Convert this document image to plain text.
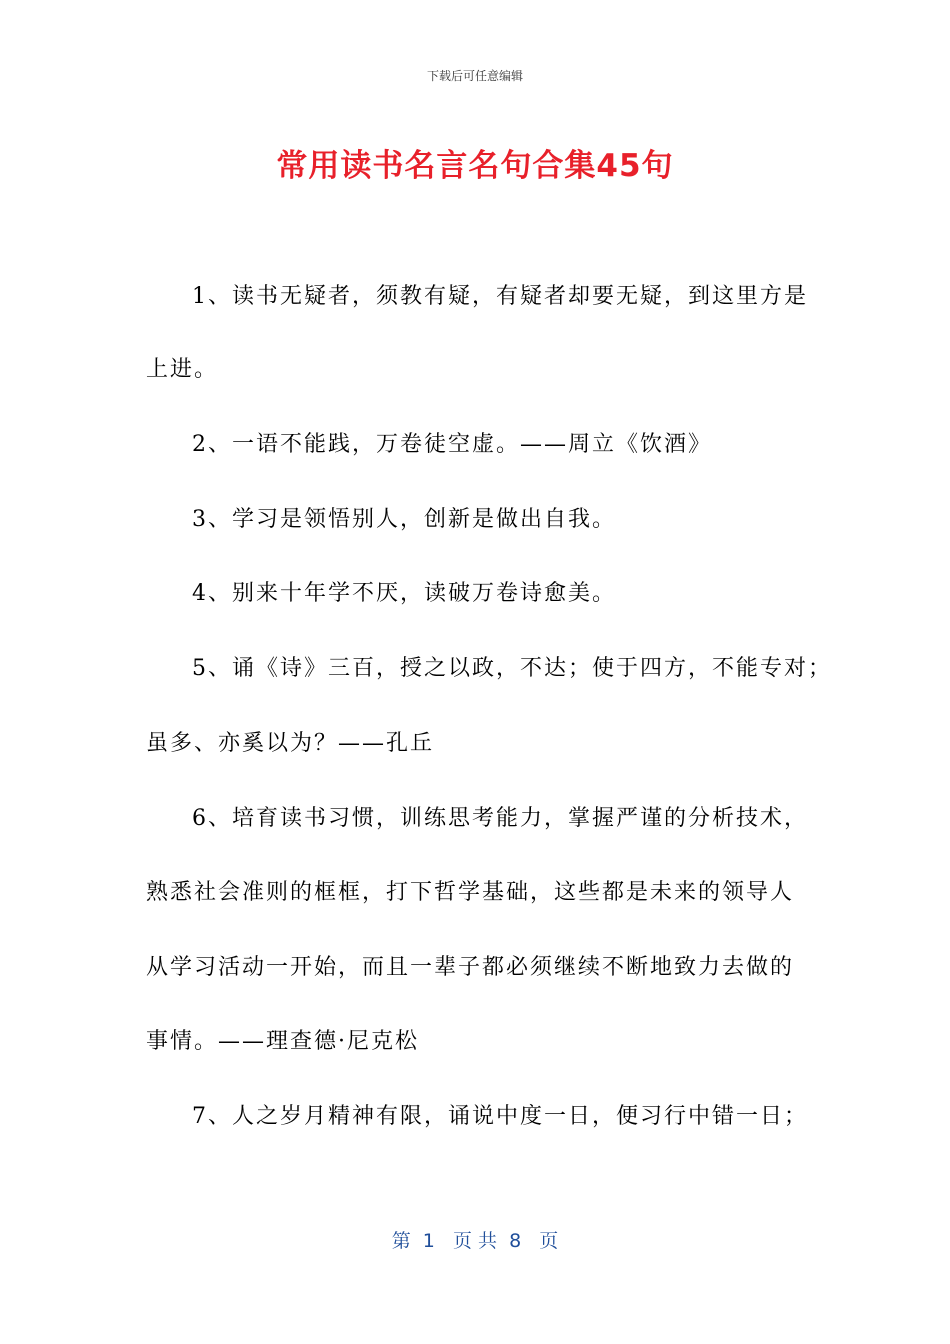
下载后可任意编辑
常用读书名言名句合集45句
1、读书无疑者，须教有疑，有疑者却要无疑，到这里方是
上进。
2、一语不能践，万卷徒空虚。——周立《饮酒》
3、学习是领悟别人，创新是做出自我。
4、别来十年学不厌，读破万卷诗愈美。
5、诵《诗》三百，授之以政，不达；使于四方，不能专对；
虽多、亦奚以为？——孔丘
6、培育读书习惯，训练思考能力，掌握严谨的分析技术，
熟悉社会准则的框框，打下哲学基础，这些都是未来的领导人
从学习活动一开始，而且一辈子都必须继续不断地致力去做的
事情。——理查德·尼克松
7、人之岁月精神有限，诵说中度一日，便习行中错一日；
第  1   页 共  8   页
